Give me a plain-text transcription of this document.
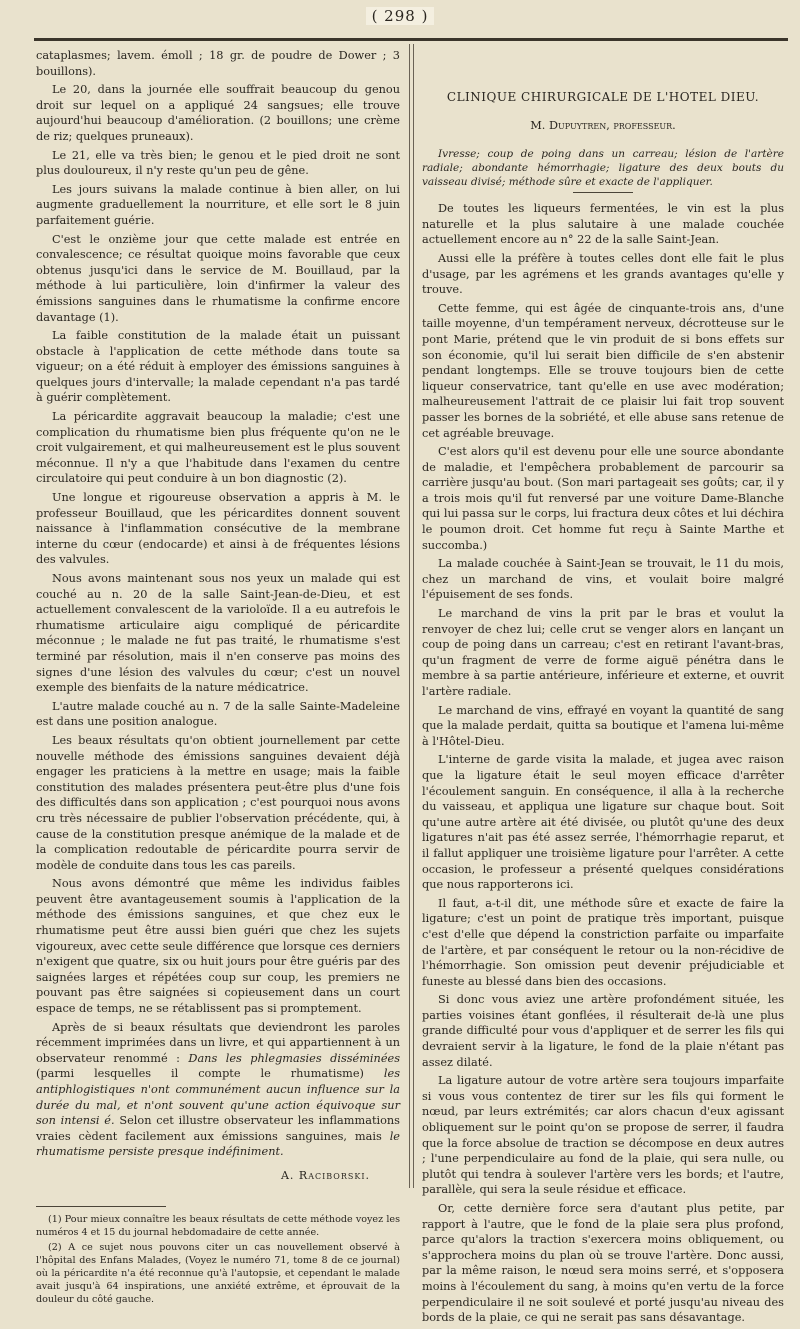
( 298 )

cataplasmes; lavem. émoll ; 18 gr. de poudre de Dower ; 3 bouillons).

Le 20, dans la journée elle souffrait beaucoup du genou droit sur lequel on a appliqué 24 sangsues; elle trouve aujourd'hui beaucoup d'amélioration. (2 bouillons; une crème de riz; quelques pruneaux).

Le 21, elle va très bien; le genou et le pied droit ne sont plus douloureux, il n'y reste qu'un peu de gêne.

Les jours suivans la malade continue à bien aller, on lui augmente graduellement la nourriture, et elle sort le 8 juin parfaitement guérie.

C'est le onzième jour que cette malade est entrée en convalescence; ce résultat quoique moins favorable que ceux obtenus jusqu'ici dans le service de M. Bouillaud, par la méthode à lui particulière, loin d'infirmer la valeur des émissions sanguines dans le rhumatisme la confirme encore davantage (1).

La faible constitution de la malade était un puissant obstacle à l'application de cette méthode dans toute sa vigueur; on a été réduit à employer des émissions sanguines à quelques jours d'intervalle; la malade cependant n'a pas tardé à guérir complètement.

La péricardite aggravait beaucoup la maladie; c'est une complication du rhumatisme bien plus fréquente qu'on ne le croit vulgairement, et qui malheureusement est le plus souvent méconnue. Il n'y a que l'habitude dans l'examen du centre circulatoire qui peut conduire à un bon diagnostic (2).

Une longue et rigoureuse observation a appris à M. le professeur Bouillaud, que les péricardites donnent souvent naissance à l'inflammation consécutive de la membrane interne du cœur (endocarde) et ainsi à de fréquentes lésions des valvules.

Nous avons maintenant sous nos yeux un malade qui est couché au n. 20 de la salle Saint-Jean-de-Dieu, et est actuellement convalescent de la varioloïde. Il a eu autrefois le rhumatisme articulaire aigu compliqué de péricardite méconnue ; le malade ne fut pas traité, le rhumatisme s'est terminé par résolution, mais il n'en conserve pas moins des signes d'une lésion des valvules du cœur; c'est un nouvel exemple des bienfaits de la nature médicatrice.

L'autre malade couché au n. 7 de la salle Sainte-Madeleine est dans une position analogue.

Les beaux résultats qu'on obtient journellement par cette nouvelle méthode des émissions sanguines devaient déjà engager les praticiens à la mettre en usage; mais la faible constitution des malades présentera peut-être plus d'une fois des difficultés dans son application ; c'est pourquoi nous avons cru très nécessaire de publier l'observation précédente, qui, à cause de la constitution presque anémique de la malade et de la complication redoutable de péricardite pourra servir de modèle de conduite dans tous les cas pareils.

Nous avons démontré que même les individus faibles peuvent être avantageusement soumis à l'application de la méthode des émissions sanguines, et que chez eux le rhumatisme peut être aussi bien guéri que chez les sujets vigoureux, avec cette seule différence que lorsque ces derniers n'exigent que quatre, six ou huit jours pour être guéris par des saignées larges et répétées coup sur coup, les premiers ne pouvant pas être saignées si copieusement dans un court espace de temps, ne se rétablissent pas si promptement.

Après de si beaux résultats que deviendront les paroles récemment imprimées dans un livre, et qui appartiennent à un observateur renommé : Dans les phlegmasies disséminées (parmi lesquelles il compte le rhumatisme) les antiphlogistiques n'ont communément aucun influence sur la durée du mal, et n'ont souvent qu'une action équivoque sur son intensi é. Selon cet illustre observateur les inflammations vraies cèdent facilement aux émissions sanguines, mais le rhumatisme persiste presque indéfiniment.

A. Raciborski.

(1) Pour mieux connaître les beaux résultats de cette méthode voyez les numéros 4 et 15 du journal hebdomadaire de cette année.

(2) A ce sujet nous pouvons citer un cas nouvellement observé à l'hôpital des Enfans Malades, (Voyez le numéro 71, tome 8 de ce journal) où la péricardite n'a été reconnue qu'à l'autopsie, et cependant le malade avait jusqu'à 64 inspirations, une anxiété extrême, et éprouvait de la douleur du côté gauche.

CLINIQUE CHIRURGICALE DE L'HOTEL DIEU.
M. Dupuytren, professeur.

Ivresse; coup de poing dans un carreau; lésion de l'artère radiale; abondante hémorrhagie; ligature des deux bouts du vaisseau divisé; méthode sûre et exacte de l'appliquer.

De toutes les liqueurs fermentées, le vin est la plus naturelle et la plus salutaire à une malade couchée actuellement encore au n° 22 de la salle Saint-Jean.

Aussi elle la préfère à toutes celles dont elle fait le plus d'usage, par les agrémens et les grands avantages qu'elle y trouve.

Cette femme, qui est âgée de cinquante-trois ans, d'une taille moyenne, d'un tempérament nerveux, décrotteuse sur le pont Marie, prétend que le vin produit de si bons effets sur son économie, qu'il lui serait bien difficile de s'en abstenir pendant longtemps. Elle se trouve toujours bien de cette liqueur conservatrice, tant qu'elle en use avec modération; malheureusement l'attrait de ce plaisir lui fait trop souvent passer les bornes de la sobriété, et elle abuse sans retenue de cet agréable breuvage.

C'est alors qu'il est devenu pour elle une source abondante de maladie, et l'empêchera probablement de parcourir sa carrière jusqu'au bout. (Son mari partageait ses goûts; car, il y a trois mois qu'il fut renversé par une voiture Dame-Blanche qui lui passa sur le corps, lui fractura deux côtes et lui déchira le poumon droit. Cet homme fut reçu à Sainte Marthe et succomba.)

La malade couchée à Saint-Jean se trouvait, le 11 du mois, chez un marchand de vins, et voulait boire malgré l'épuisement de ses fonds.

Le marchand de vins la prit par le bras et voulut la renvoyer de chez lui; celle crut se venger alors en lançant un coup de poing dans un carreau; c'est en retirant l'avant-bras, qu'un fragment de verre de forme aiguë pénétra dans le membre à sa partie antérieure, inférieure et externe, et ouvrit l'artère radiale.

Le marchand de vins, effrayé en voyant la quantité de sang que la malade perdait, quitta sa boutique et l'amena lui-même à l'Hôtel-Dieu.

L'interne de garde visita la malade, et jugea avec raison que la ligature était le seul moyen efficace d'arrêter l'écoulement sanguin. En conséquence, il alla à la recherche du vaisseau, et appliqua une ligature sur chaque bout. Soit qu'une autre artère ait été divisée, ou plutôt qu'une des deux ligatures n'ait pas été assez serrée, l'hémorrhagie reparut, et il fallut appliquer une troisième ligature pour l'arrêter. A cette occasion, le professeur a présenté quelques considérations que nous rapporterons ici.

Il faut, a-t-il dit, une méthode sûre et exacte de faire la ligature; c'est un point de pratique très important, puisque c'est d'elle que dépend la constriction parfaite ou imparfaite de l'artère, et par conséquent le retour ou la non-récidive de l'hémorrhagie. Son omission peut devenir préjudiciable et funeste au blessé dans bien des occasions.

Si donc vous aviez une artère profondément située, les parties voisines étant gonflées, il résulterait de-là une plus grande difficulté pour vous d'appliquer et de serrer les fils qui devraient servir à la ligature, le fond de la plaie n'étant pas assez dilaté.

La ligature autour de votre artère sera toujours imparfaite si vous vous contentez de tirer sur les fils qui forment le nœud, par leurs extrémités; car alors chacun d'eux agissant obliquement sur le point qu'on se propose de serrer, il faudra que la force absolue de traction se décompose en deux autres ; l'une perpendiculaire au fond de la plaie, qui sera nulle, ou plutôt qui tendra à soulever l'artère vers les bords; et l'autre, parallèle, qui sera la seule résidue et efficace.

Or, cette dernière force sera d'autant plus petite, par rapport à l'autre, que le fond de la plaie sera plus profond, parce qu'alors la traction s'exercera moins obliquement, ou s'approchera moins du plan où se trouve l'artère. Donc aussi, par la même raison, le nœud sera moins serré, et s'opposera moins à l'écoulement du sang, à moins qu'en vertu de la force perpendiculaire il ne soit soulevé et porté jusqu'au niveau des bords de la plaie, ce qui ne serait pas sans désavantage.
